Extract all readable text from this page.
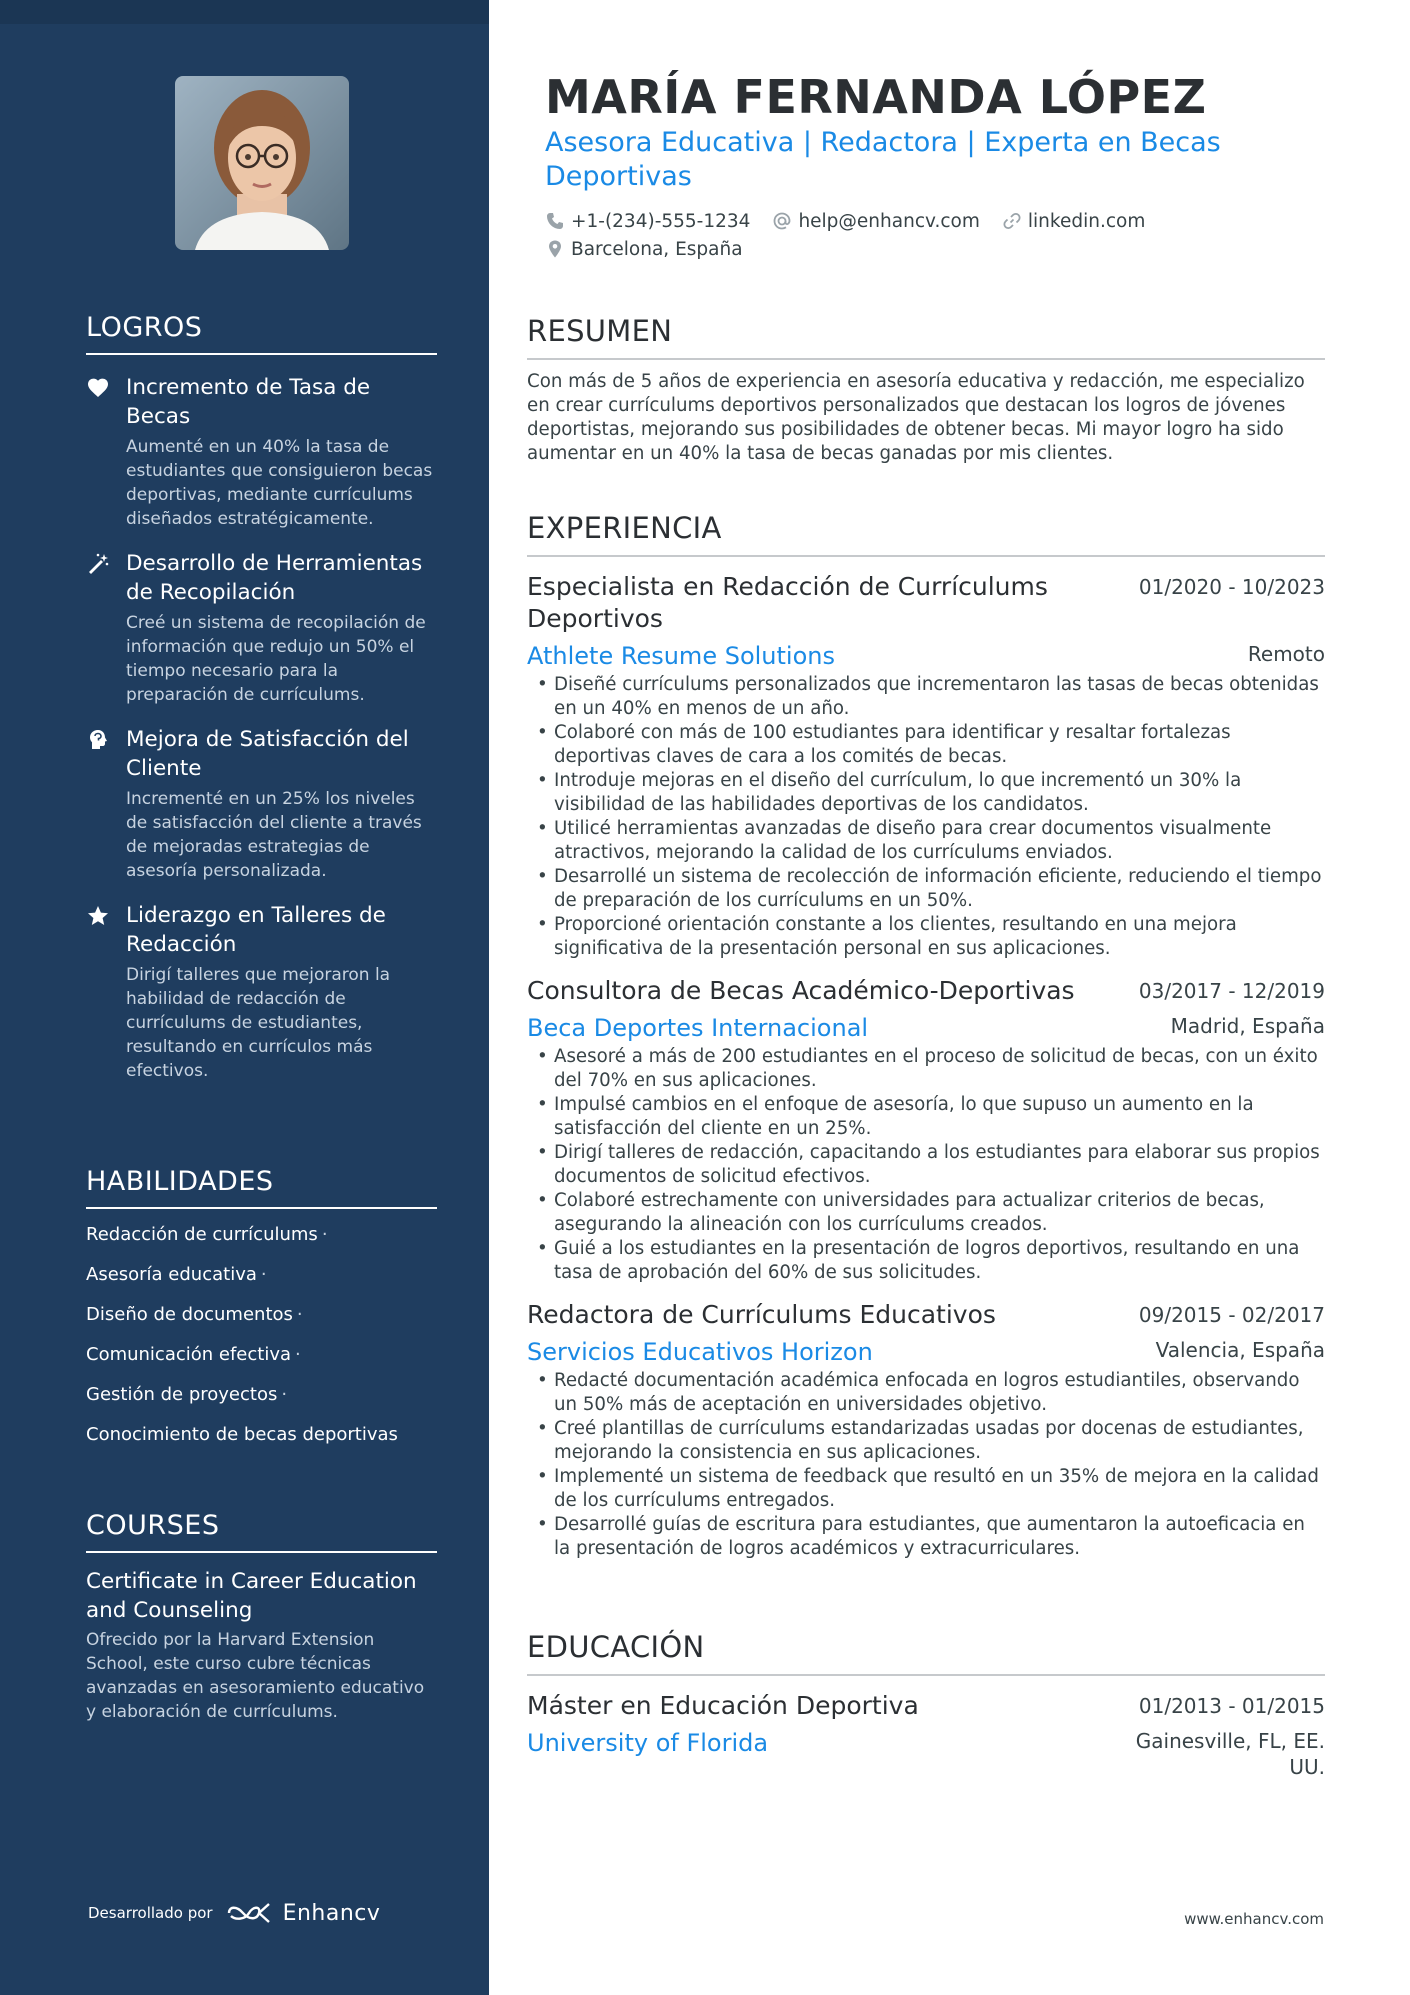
LOGROS
Incremento de Tasa de Becas
Aumenté en un 40% la tasa de estudiantes que consiguieron becas deportivas, mediante currículums diseñados estratégicamente.
Desarrollo de Herramientas de Recopilación
Creé un sistema de recopilación de información que redujo un 50% el tiempo necesario para la preparación de currículums.
Mejora de Satisfacción del Cliente
Incrementé en un 25% los niveles de satisfacción del cliente a través de mejoradas estrategias de asesoría personalizada.
Liderazgo en Talleres de Redacción
Dirigí talleres que mejoraron la habilidad de redacción de currículums de estudiantes, resultando en currículos más efectivos.
HABILIDADES
Redacción de currículums ·
Asesoría educativa ·
Diseño de documentos ·
Comunicación efectiva ·
Gestión de proyectos ·
Conocimiento de becas deportivas
COURSES
Certificate in Career Education and Counseling
Ofrecido por la Harvard Extension School, este curso cubre técnicas avanzadas en asesoramiento educativo y elaboración de currículums.
Desarrollado por	Enhancv
MARÍA FERNANDA LÓPEZ
Asesora Educativa | Redactora | Experta en Becas Deportivas
+1-(234)-555-1234	help@enhancv.com	linkedin.com
Barcelona, España
RESUMEN
Con más de 5 años de experiencia en asesoría educativa y redacción, me especializo en crear currículums deportivos personalizados que destacan los logros de jóvenes deportistas, mejorando sus posibilidades de obtener becas. Mi mayor logro ha sido aumentar en un 40% la tasa de becas ganadas por mis clientes.
EXPERIENCIA
Especialista en Redacción de Currículums Deportivos
01/2020 - 10/2023
Athlete Resume Solutions	Remoto
• Diseñé currículums personalizados que incrementaron las tasas de becas obtenidas en un 40% en menos de un año.
• Colaboré con más de 100 estudiantes para identificar y resaltar fortalezas deportivas claves de cara a los comités de becas.
• Introduje mejoras en el diseño del currículum, lo que incrementó un 30% la visibilidad de las habilidades deportivas de los candidatos.
• Utilicé herramientas avanzadas de diseño para crear documentos visualmente atractivos, mejorando la calidad de los currículums enviados.
• Desarrollé un sistema de recolección de información eficiente, reduciendo el tiempo de preparación de los currículums en un 50%.
• Proporcioné orientación constante a los clientes, resultando en una mejora significativa de la presentación personal en sus aplicaciones.
Consultora de Becas Académico-Deportivas	03/2017 - 12/2019
Beca Deportes Internacional	Madrid, España
• Asesoré a más de 200 estudiantes en el proceso de solicitud de becas, con un éxito del 70% en sus aplicaciones.
• Impulsé cambios en el enfoque de asesoría, lo que supuso un aumento en la satisfacción del cliente en un 25%.
• Dirigí talleres de redacción, capacitando a los estudiantes para elaborar sus propios documentos de solicitud efectivos.
• Colaboré estrechamente con universidades para actualizar criterios de becas, asegurando la alineación con los currículums creados.
• Guié a los estudiantes en la presentación de logros deportivos, resultando en una tasa de aprobación del 60% de sus solicitudes.
Redactora de Currículums Educativos	09/2015 - 02/2017
Servicios Educativos Horizon	Valencia, España
• Redacté documentación académica enfocada en logros estudiantiles, observando un 50% más de aceptación en universidades objetivo.
• Creé plantillas de currículums estandarizadas usadas por docenas de estudiantes, mejorando la consistencia en sus aplicaciones.
• Implementé un sistema de feedback que resultó en un 35% de mejora en la calidad de los currículums entregados.
• Desarrollé guías de escritura para estudiantes, que aumentaron la autoeficacia en la presentación de logros académicos y extracurriculares.
EDUCACIÓN
Máster en Educación Deportiva	01/2013 - 01/2015
University of Florida	Gainesville, FL, EE. UU.
www.enhancv.com
